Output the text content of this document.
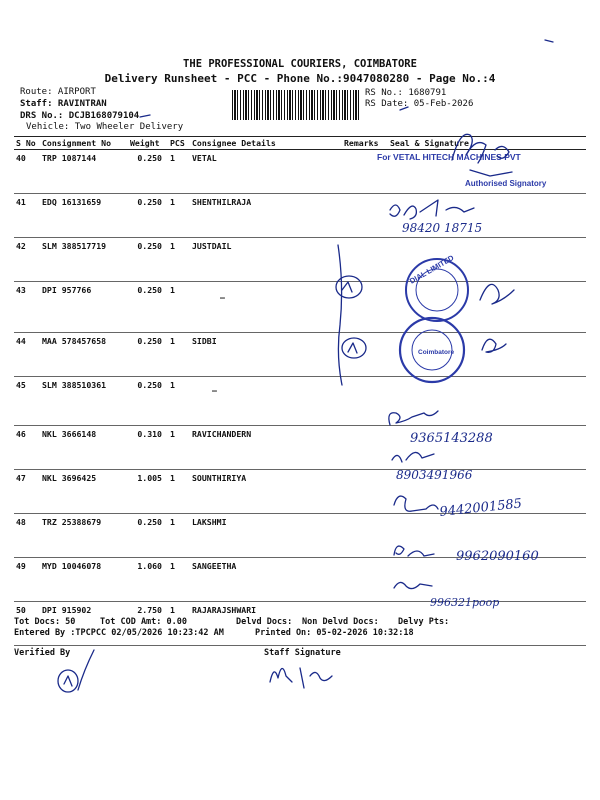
THE PROFESSIONAL COURIERS, COIMBATORE
Delivery Runsheet - PCC - Phone No.:9047080280 - Page No.:4
Route: AIRPORT
Staff: RAVINTRAN
DRS No.: DCJB168079104
Vehicle: Two Wheeler Delivery
RS No.: 1680791
RS Date: 05-Feb-2026
S No	Consignment No	Weight	PCS	Consignee Details	Remarks	Seal & Signature
40	TRP 1087144	0.250	1	VETAL		
41	EDQ 16131659	0.250	1	SHENTHILRAJA		
42	SLM 388517719	0.250	1	JUSTDAIL		
43	DPI 957766	0.250	1	—		
44	MAA 578457658	0.250	1	SIDBI		
45	SLM 388510361	0.250	1	—		
46	NKL 3666148	0.310	1	RAVICHANDERN		
47	NKL 3696425	1.005	1	SOUNTHIRIYA		
48	TRZ 25388679	0.250	1	LAKSHMI		
49	MYD 10046078	1.060	1	SANGEETHA		
50	DPI 915902	2.750	1	RAJARAJSHWARI		
Tot Docs: 50	Tot COD Amt: 0.00	Delvd Docs: Non Delvd Docs: Delvy Pts:
Entered By :TPCPCC 02/05/2026 10:23:42 AM	Printed On: 05-02-2026 10:32:18
Verified By	Staff Signature
For VETAL HITECH MACHINES PVT
Authorised Signatory
98420 18715
DIAL LIMITED
Coimbatore
9365143288
8903491966
9442001585
9962090160
996321poop
